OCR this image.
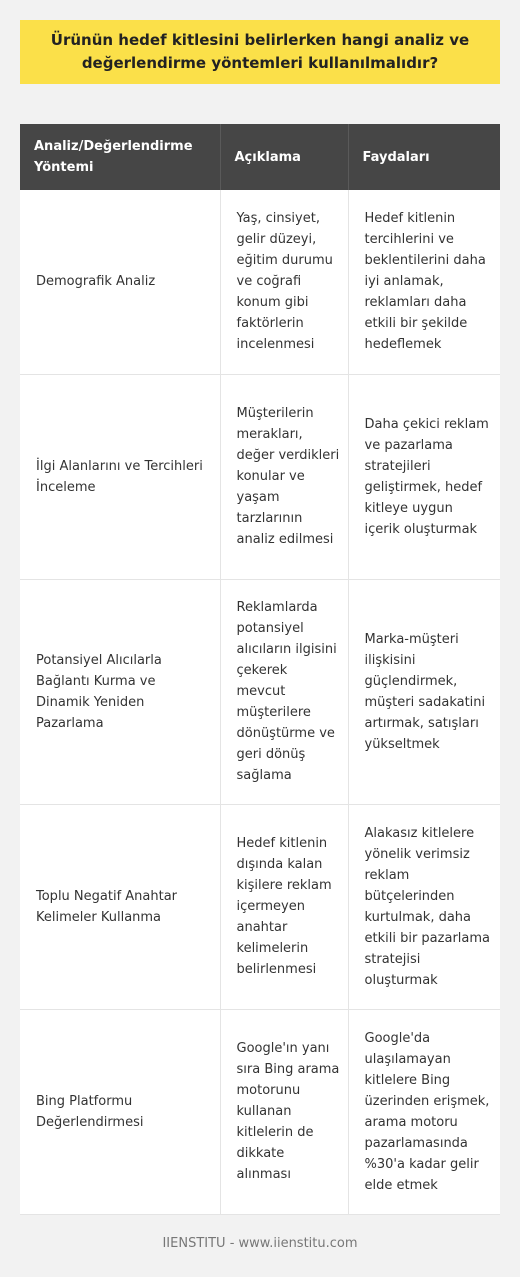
Ürünün hedef kitlesini belirlerken hangi analiz ve değerlendirme yöntemleri kullanılmalıdır?
Analiz/Değerlendirme Yöntemi	Açıklama	Faydaları
Demografik Analiz	Yaş, cinsiyet, gelir düzeyi, eğitim durumu ve coğrafi konum gibi faktörlerin incelenmesi	Hedef kitlenin tercihlerini ve beklentilerini daha iyi anlamak, reklamları daha etkili bir şekilde hedeflemek
İlgi Alanlarını ve Tercihleri İnceleme	Müşterilerin merakları, değer verdikleri konular ve yaşam tarzlarının analiz edilmesi	Daha çekici reklam ve pazarlama stratejileri geliştirmek, hedef kitleye uygun içerik oluşturmak
Potansiyel Alıcılarla Bağlantı Kurma ve Dinamik Yeniden Pazarlama	Reklamlarda potansiyel alıcıların ilgisini çekerek mevcut müşterilere dönüştürme ve geri dönüş sağlama	Marka-müşteri ilişkisini güçlendirmek, müşteri sadakatini artırmak, satışları yükseltmek
Toplu Negatif Anahtar Kelimeler Kullanma	Hedef kitlenin dışında kalan kişilere reklam içermeyen anahtar kelimelerin belirlenmesi	Alakasız kitlelere yönelik verimsiz reklam bütçelerinden kurtulmak, daha etkili bir pazarlama stratejisi oluşturmak
Bing Platformu Değerlendirmesi	Google'ın yanı sıra Bing arama motorunu kullanan kitlelerin de dikkate alınması	Google'da ulaşılamayan kitlelere Bing üzerinden erişmek, arama motoru pazarlamasında %30'a kadar gelir elde etmek
IIENSTITU - www.iienstitu.com
